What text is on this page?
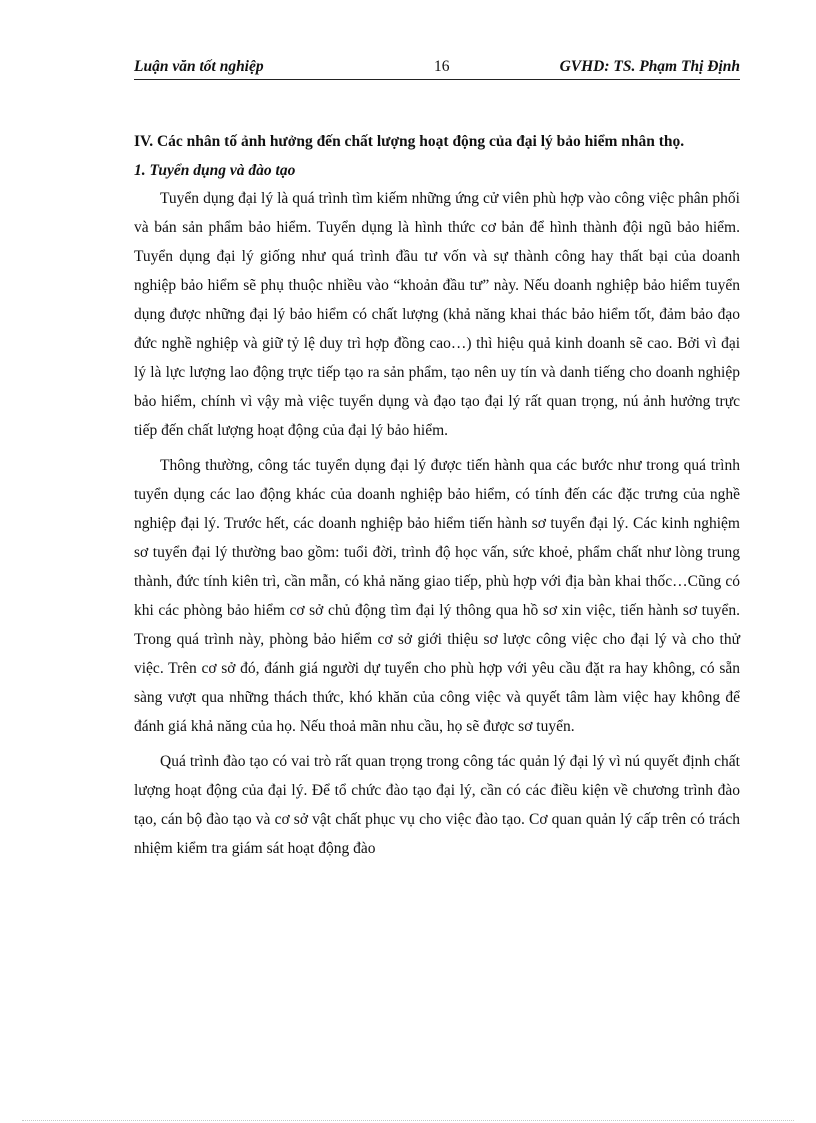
Luận văn tốt nghiệp	16	GVHD: TS. Phạm Thị Định
IV. Các nhân tố ảnh hưởng đến chất lượng hoạt động của đại lý bảo hiểm nhân thọ.
1. Tuyển dụng và đào tạo

Tuyển dụng đại lý là quá trình tìm kiếm những ứng cử viên phù hợp vào công việc phân phối và bán sản phẩm bảo hiểm. Tuyển dụng là hình thức cơ bản để hình thành đội ngũ bảo hiểm. Tuyển dụng đại lý giống như quá trình đầu tư vốn và sự thành công hay thất bại của doanh nghiệp bảo hiểm sẽ phụ thuộc nhiều vào “khoản đầu tư” này. Nếu doanh nghiệp bảo hiểm tuyển dụng được những đại lý bảo hiểm có chất lượng (khả năng khai thác bảo hiểm tốt, đảm bảo đạo đức nghề nghiệp và giữ tỷ lệ duy trì hợp đồng cao…) thì hiệu quả kinh doanh sẽ cao. Bởi vì đại lý là lực lượng lao động trực tiếp tạo ra sản phẩm, tạo nên uy tín và danh tiếng cho doanh nghiệp bảo hiểm, chính vì vậy mà việc tuyển dụng và đạo tạo đại lý rất quan trọng, nú ảnh hưởng trực tiếp đến chất lượng hoạt động của đại lý bảo hiểm.

Thông thường, công tác tuyển dụng đại lý được tiến hành qua các bước như trong quá trình tuyển dụng các lao động khác của doanh nghiệp bảo hiểm, có tính đến các đặc trưng của nghề nghiệp đại lý. Trước hết, các doanh nghiệp bảo hiểm tiến hành sơ tuyển đại lý. Các kinh nghiệm sơ tuyển đại lý thường bao gồm: tuổi đời, trình độ học vấn, sức khoẻ, phẩm chất như lòng trung thành, đức tính kiên trì, cần mẫn, có khả năng giao tiếp, phù hợp với địa bàn khai thốc…Cũng có khi các phòng bảo hiểm cơ sở chủ động tìm đại lý thông qua hồ sơ xin việc, tiến hành sơ tuyển. Trong quá trình này, phòng bảo hiểm cơ sở giới thiệu sơ lược công việc cho đại lý và cho thử việc. Trên cơ sở đó, đánh giá người dự tuyển cho phù hợp với yêu cầu đặt ra hay không, có sẵn sàng vượt qua những thách thức, khó khăn của công việc và quyết tâm làm việc hay không để đánh giá khả năng của họ. Nếu thoả mãn nhu cầu, họ sẽ được sơ tuyển.

Quá trình đào tạo có vai trò rất quan trọng trong công tác quản lý đại lý vì nú quyết định chất lượng hoạt động của đại lý. Để tổ chức đào tạo đại lý, cần có các điều kiện về chương trình đào tạo, cán bộ đào tạo và cơ sở vật chất phục vụ cho việc đào tạo. Cơ quan quản lý cấp trên có trách nhiệm kiểm tra giám sát hoạt động đào
